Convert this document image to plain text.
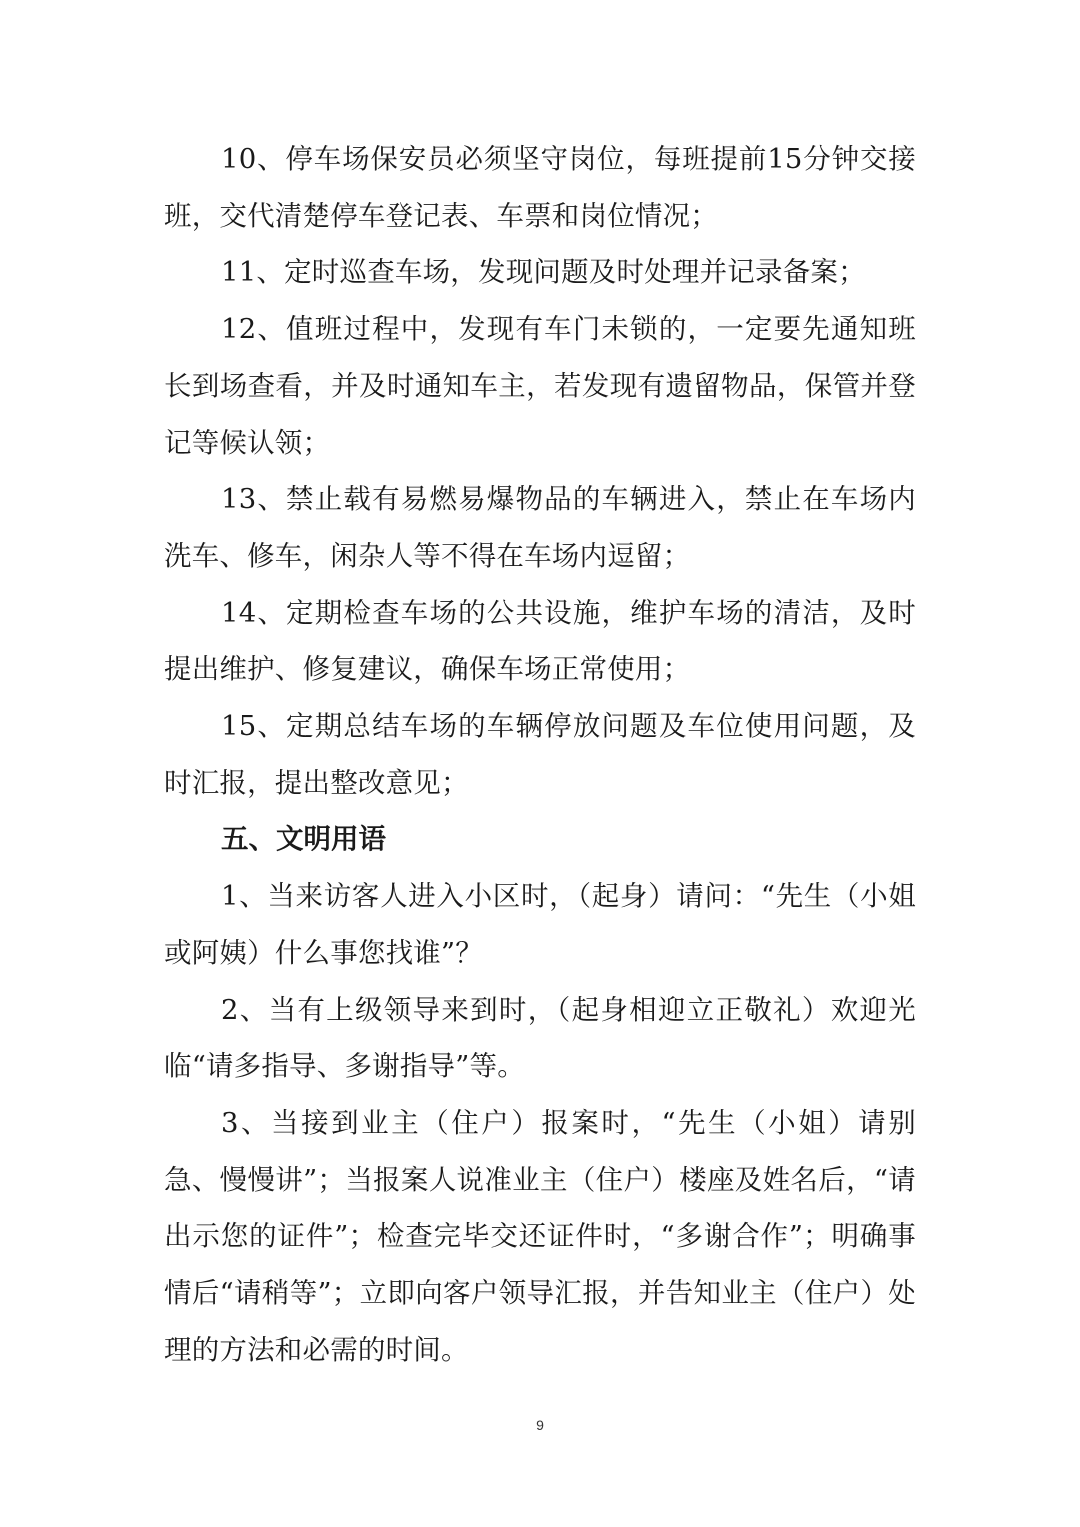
10、停车场保安员必须坚守岗位，每班提前15分钟交接班，交代清楚停车登记表、车票和岗位情况；

11、定时巡查车场，发现问题及时处理并记录备案；

12、值班过程中，发现有车门未锁的，一定要先通知班长到场查看，并及时通知车主，若发现有遗留物品，保管并登记等候认领；

13、禁止载有易燃易爆物品的车辆进入，禁止在车场内洗车、修车，闲杂人等不得在车场内逗留；

14、定期检查车场的公共设施，维护车场的清洁，及时提出维护、修复建议，确保车场正常使用；

15、定期总结车场的车辆停放问题及车位使用问题，及时汇报，提出整改意见；

五、文明用语

1、当来访客人进入小区时，（起身）请问：“先生（小姐或阿姨）什么事您找谁”？

2、当有上级领导来到时，（起身相迎立正敬礼）欢迎光临“请多指导、多谢指导”等。

3、当接到业主（住户）报案时，“先生（小姐）请别急、慢慢讲”；当报案人说准业主（住户）楼座及姓名后，“请出示您的证件”；检查完毕交还证件时，“多谢合作”；明确事情后“请稍等”；立即向客户领导汇报，并告知业主（住户）处理的方法和必需的时间。

9
